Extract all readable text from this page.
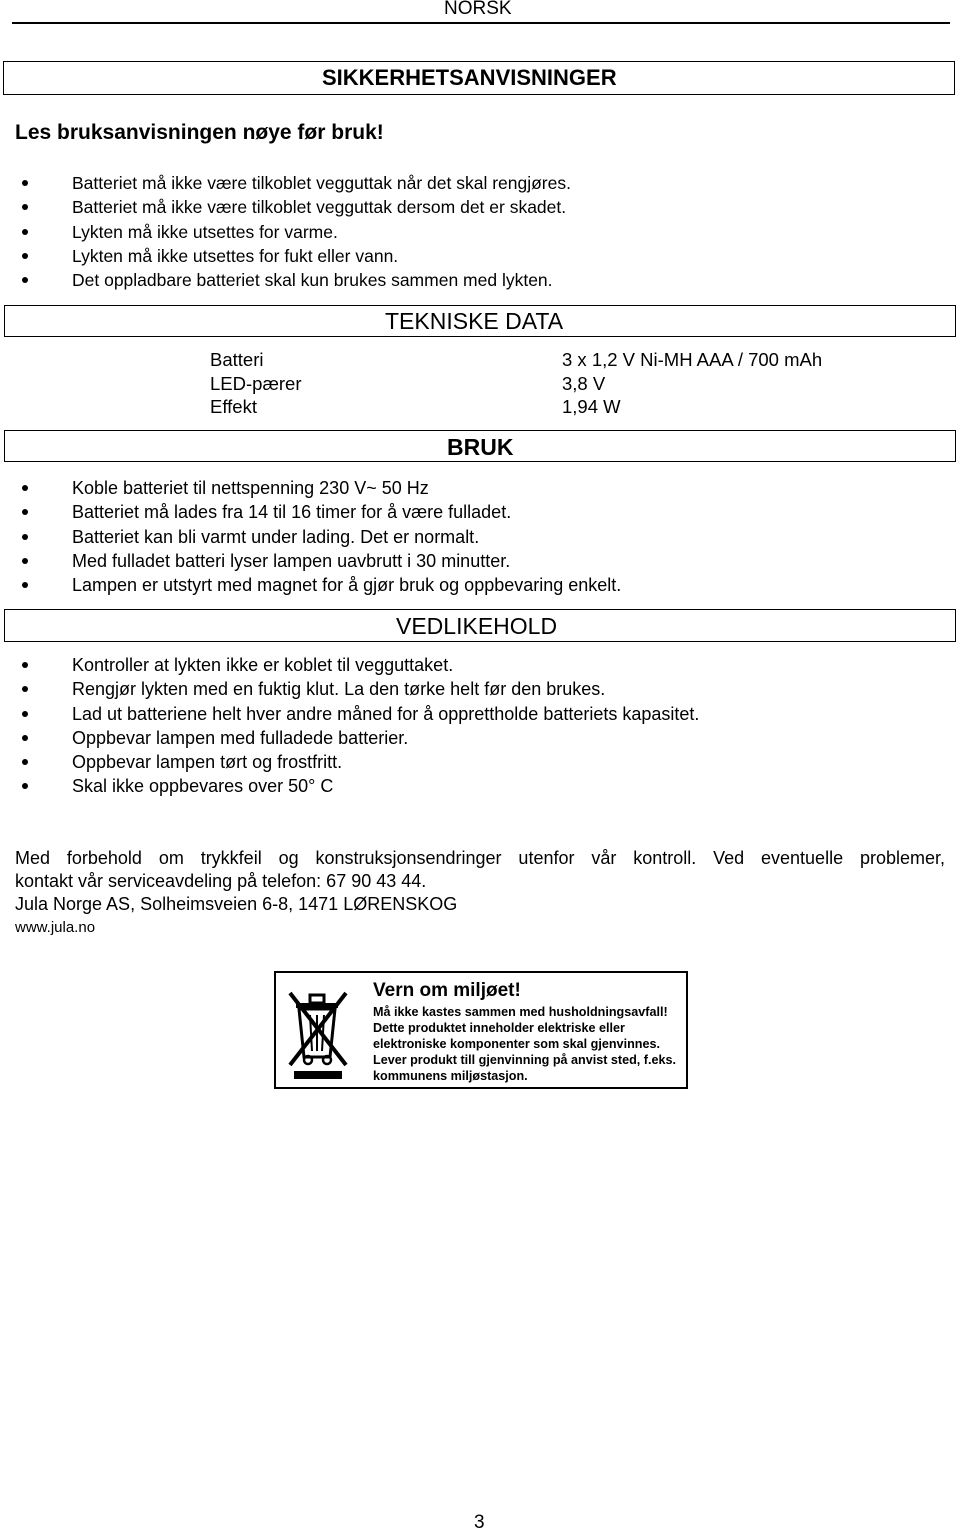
NORSK
SIKKERHETSANVISNINGER
Les bruksanvisningen nøye før bruk!
Batteriet må ikke være tilkoblet vegguttak når det skal rengjøres.
Batteriet må ikke være tilkoblet vegguttak dersom det er skadet.
Lykten må ikke utsettes for varme.
Lykten må ikke utsettes for fukt eller vann.
Det oppladbare batteriet skal kun brukes sammen med lykten.
TEKNISKE DATA
Batteri
LED-pærer
Effekt
3 x 1,2 V Ni-MH AAA / 700 mAh
3,8 V
1,94 W
BRUK
Koble batteriet til nettspenning 230 V~ 50 Hz
Batteriet må lades fra 14 til 16 timer for å være fulladet.
Batteriet kan bli varmt under lading. Det er normalt.
Med fulladet batteri lyser lampen uavbrutt i 30 minutter.
Lampen er utstyrt med magnet for å gjør bruk og oppbevaring enkelt.
VEDLIKEHOLD
Kontroller at lykten ikke er koblet til vegguttaket.
Rengjør lykten med en fuktig klut. La den tørke helt før den brukes.
Lad ut batteriene helt hver andre måned for å opprettholde batteriets kapasitet.
Oppbevar lampen med fulladede batterier.
Oppbevar lampen tørt og frostfritt.
Skal ikke oppbevares over 50° C
Med forbehold om trykkfeil og konstruksjonsendringer utenfor vår kontroll. Ved eventuelle problemer,
kontakt vår serviceavdeling på telefon: 67 90 43 44.
Jula Norge AS, Solheimsveien 6-8, 1471 LØRENSKOG
www.jula.no
Vern om miljøet!
Må ikke kastes sammen med husholdningsavfall!
Dette produktet inneholder elektriske eller
elektroniske komponenter som skal gjenvinnes.
Lever produkt till gjenvinning på anvist sted, f.eks.
kommunens miljøstasjon.
3
